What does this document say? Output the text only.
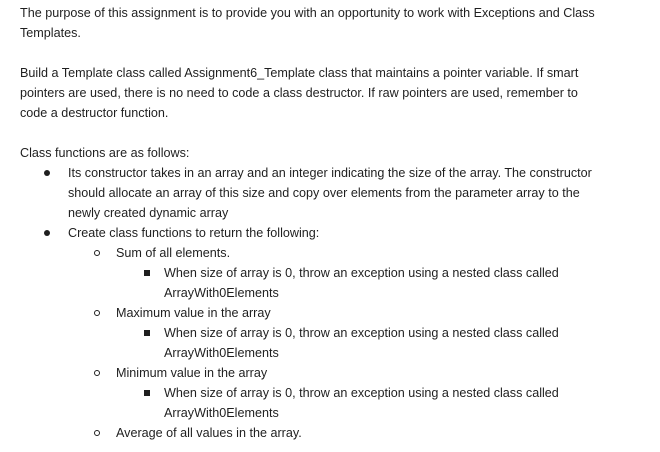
The purpose of this assignment is to provide you with an opportunity to work with Exceptions and Class
Templates.
Build a Template class called Assignment6_Template class that maintains a pointer variable. If smart
pointers are used, there is no need to code a class destructor. If raw pointers are used, remember to
code a destructor function.
Class functions are as follows:
Its constructor takes in an array and an integer indicating the size of the array. The constructor
should allocate an array of this size and copy over elements from the parameter array to the
newly created dynamic array
Create class functions to return the following:
Sum of all elements.
When size of array is 0, throw an exception using a nested class called
ArrayWith0Elements
Maximum value in the array
When size of array is 0, throw an exception using a nested class called
ArrayWith0Elements
Minimum value in the array
When size of array is 0, throw an exception using a nested class called
ArrayWith0Elements
Average of all values in the array.
